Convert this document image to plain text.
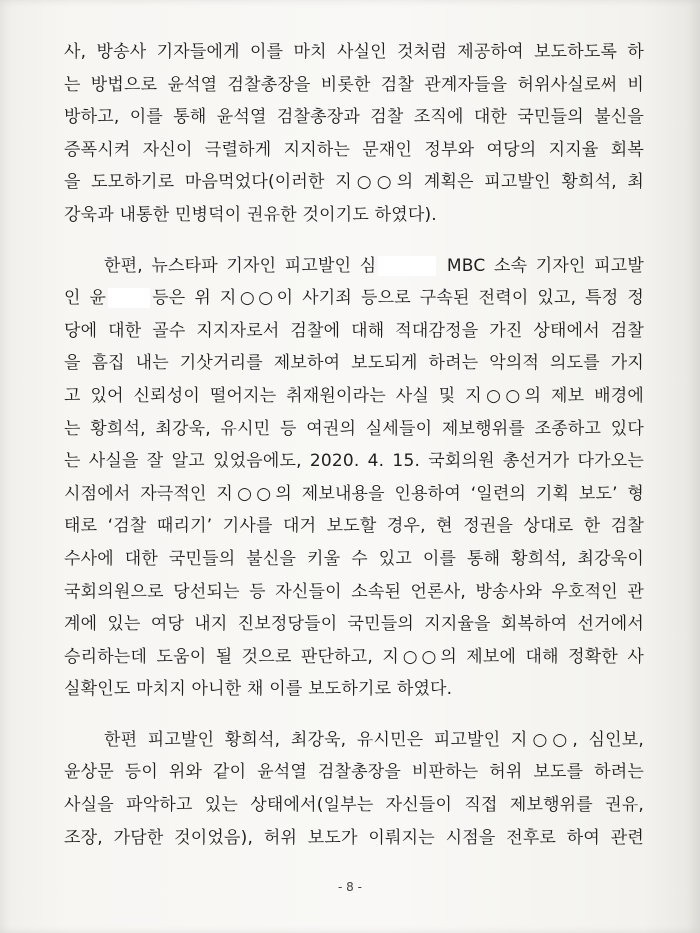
사, 방송사 기자들에게 이를 마치 사실인 것처럼 제공하여 보도하도록 하
는 방법으로 윤석열 검찰총장을 비롯한 검찰 관계자들을 허위사실로써 비
방하고, 이를 통해 윤석열 검찰총장과 검찰 조직에 대한 국민들의 불신을
증폭시켜 자신이 극렬하게 지지하는 문재인 정부와 여당의 지지율 회복
을 도모하기로 마음먹었다(이러한 지○○의 계획은 피고발인 황희석, 최
강욱과 내통한 민병덕이 권유한 것이기도 하였다).
한편, 뉴스타파 기자인 피고발인 심	MBC 소속 기자인 피고발
인 윤	등은 위 지○○이 사기죄 등으로 구속된 전력이 있고, 특정 정
당에 대한 골수 지지자로서 검찰에 대해 적대감정을 가진 상태에서 검찰
을 흠집 내는 기삿거리를 제보하여 보도되게 하려는 악의적 의도를 가지
고 있어 신뢰성이 떨어지는 취재원이라는 사실 및 지○○의 제보 배경에
는 황희석, 최강욱, 유시민 등 여권의 실세들이 제보행위를 조종하고 있다
는 사실을 잘 알고 있었음에도, 2020. 4. 15. 국회의원 총선거가 다가오는
시점에서 자극적인 지○○의 제보내용을 인용하여 ‘일련의 기획 보도’ 형
태로 ‘검찰 때리기’ 기사를 대거 보도할 경우, 현 정권을 상대로 한 검찰
수사에 대한 국민들의 불신을 키울 수 있고 이를 통해 황희석, 최강욱이
국회의원으로 당선되는 등 자신들이 소속된 언론사, 방송사와 우호적인 관
계에 있는 여당 내지 진보정당들이 국민들의 지지율을 회복하여 선거에서
승리하는데 도움이 될 것으로 판단하고, 지○○의 제보에 대해 정확한 사
실확인도 마치지 아니한 채 이를 보도하기로 하였다.
한편 피고발인 황희석, 최강욱, 유시민은 피고발인 지○○, 심인보,
윤상문 등이 위와 같이 윤석열 검찰총장을 비판하는 허위 보도를 하려는
사실을 파악하고 있는 상태에서(일부는 자신들이 직접 제보행위를 권유,
조장, 가담한 것이었음), 허위 보도가 이뤄지는 시점을 전후로 하여 관련
- 8 -
